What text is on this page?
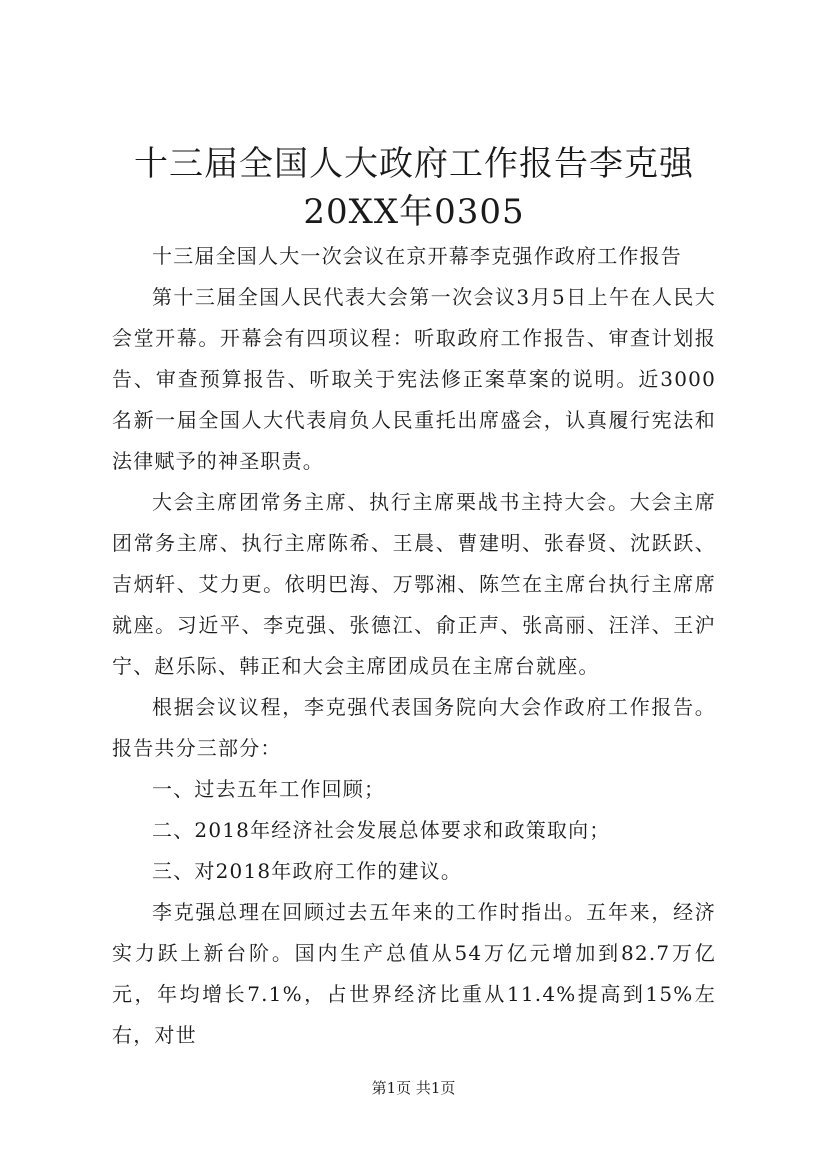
十三届全国人大政府工作报告李克强20XX年0305

十三届全国人大一次会议在京开幕李克强作政府工作报告

第十三届全国人民代表大会第一次会议3月5日上午在人民大会堂开幕。开幕会有四项议程：听取政府工作报告、审查计划报告、审查预算报告、听取关于宪法修正案草案的说明。近3000名新一届全国人大代表肩负人民重托出席盛会，认真履行宪法和法律赋予的神圣职责。

大会主席团常务主席、执行主席栗战书主持大会。大会主席团常务主席、执行主席陈希、王晨、曹建明、张春贤、沈跃跃、吉炳轩、艾力更。依明巴海、万鄂湘、陈竺在主席台执行主席席就座。习近平、李克强、张德江、俞正声、张高丽、汪洋、王沪宁、赵乐际、韩正和大会主席团成员在主席台就座。

根据会议议程，李克强代表国务院向大会作政府工作报告。报告共分三部分：

一、过去五年工作回顾；

二、2018年经济社会发展总体要求和政策取向；

三、对2018年政府工作的建议。

李克强总理在回顾过去五年来的工作时指出。五年来，经济实力跃上新台阶。国内生产总值从54万亿元增加到82.7万亿元，年均增长7.1%，占世界经济比重从11.4%提高到15%左右，对世

第1页 共1页
